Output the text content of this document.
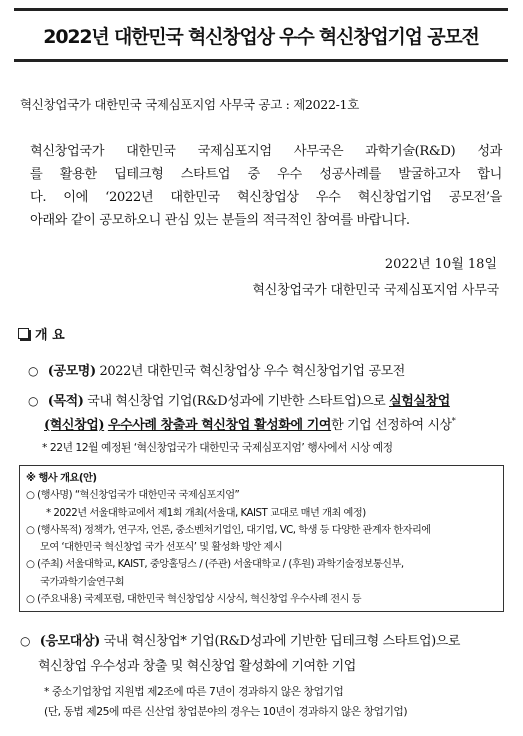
2022년 대한민국 혁신창업상 우수 혁신창업기업 공모전
혁신창업국가 대한민국 국제심포지엄 사무국 공고 : 제2022-1호
혁신창업국가 대한민국 국제심포지엄 사무국은 과학기술(R&D) 성과
를 활용한 딥테크형 스타트업 중 우수 성공사례를 발굴하고자 합니
다. 이에 ‘2022년 대한민국 혁신창업상 우수 혁신창업기업 공모전’을
아래와 같이 공모하오니 관심 있는 분들의 적극적인 참여를 바랍니다.
2022년 10월 18일
혁신창업국가 대한민국 국제심포지엄 사무국
개 요
○ (공모명) 2022년 대한민국 혁신창업상 우수 혁신창업기업 공모전
○ (목적) 국내 혁신창업 기업(R&D성과에 기반한 스타트업)으로 실험실창업
(혁신창업) 우수사례 창출과 혁신창업 활성화에 기여한 기업 선정하여 시상*
* 22년 12월 예정된 ‘혁신창업국가 대한민국 국제심포지엄’ 행사에서 시상 예정
※ 행사 개요(안)
○ (행사명) “혁신창업국가 대한민국 국제심포지엄”
* 2022년 서울대학교에서 제1회 개최(서울대, KAIST 교대로 매년 개최 예정)
○ (행사목적) 정책가, 연구자, 언론, 중소벤처기업인, 대기업, VC, 학생 등 다양한 관계자 한자리에
모여 ‘대한민국 혁신창업 국가 선포식’ 및 활성화 방안 제시
○ (주최) 서울대학교, KAIST, 중앙홀딩스 / (주관) 서울대학교 / (후원) 과학기술정보통신부,
국가과학기술연구회
○ (주요내용) 국제포럼, 대한민국 혁신창업상 시상식, 혁신창업 우수사례 전시 등
○ (응모대상) 국내 혁신창업* 기업(R&D성과에 기반한 딥테크형 스타트업)으로
혁신창업 우수성과 창출 및 혁신창업 활성화에 기여한 기업
* 중소기업창업 지원법 제2조에 따른 7년이 경과하지 않은 창업기업
(단, 동법 제25에 따른 신산업 창업분야의 경우는 10년이 경과하지 않은 창업기업)
